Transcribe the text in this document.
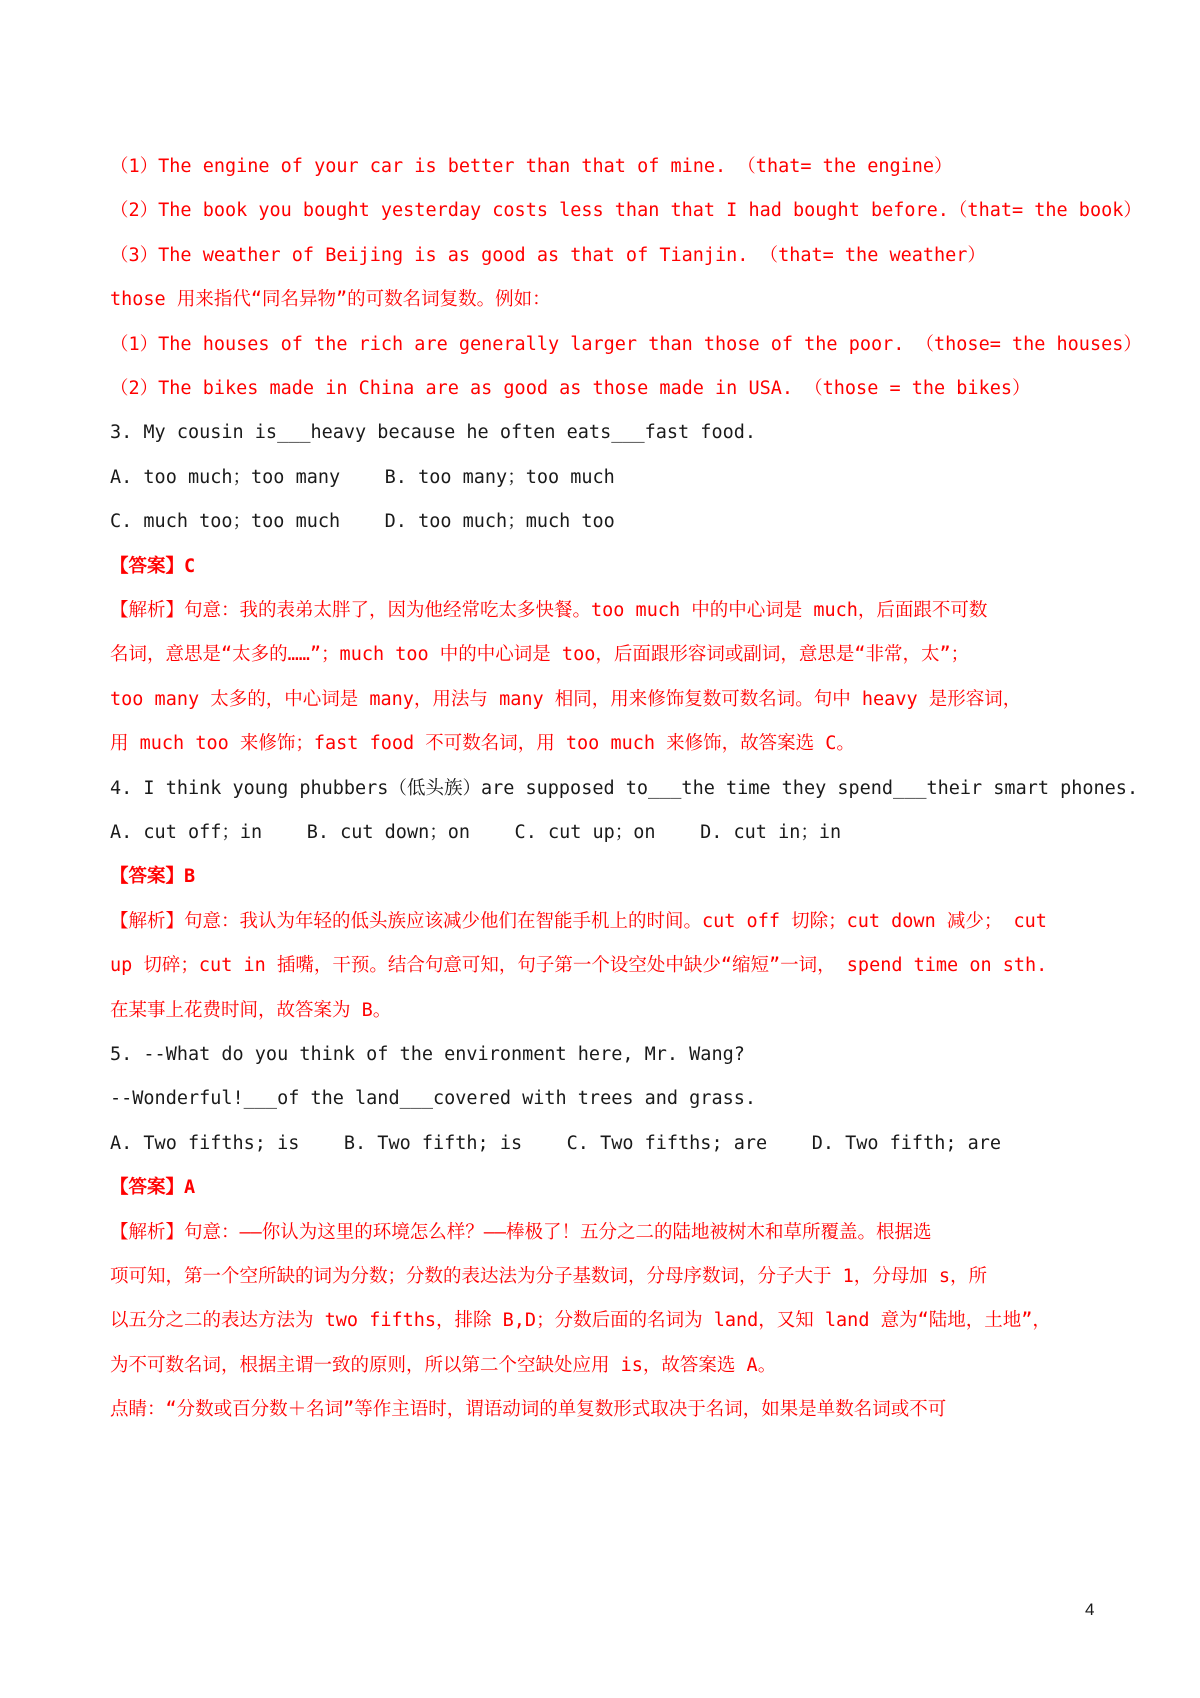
（1）The engine of your car is better than that of mine. （that= the engine）
（2）The book you bought yesterday costs less than that I had bought before.（that= the book）
（3）The weather of Beijing is as good as that of Tianjin. （that= the weather）
those 用来指代“同名异物”的可数名词复数。例如：
（1）The houses of the rich are generally larger than those of the poor. （those= the houses）
（2）The bikes made in China are as good as those made in USA. （those = the bikes）
3. My cousin is___heavy because he often eats___fast food.
A. too much；too many    B. too many；too much
C. much too；too much    D. too much；much too
【答案】C
【解析】句意：我的表弟太胖了，因为他经常吃太多快餐。too much 中的中心词是 much，后面跟不可数
名词，意思是“太多的……”；much too 中的中心词是 too，后面跟形容词或副词，意思是“非常，太”；
too many 太多的，中心词是 many，用法与 many 相同，用来修饰复数可数名词。句中 heavy 是形容词，
用 much too 来修饰；fast food 不可数名词，用 too much 来修饰，故答案选 C。
4. I think young phubbers（低头族）are supposed to___the time they spend___their smart phones.
A. cut off；in    B. cut down；on    C. cut up；on    D. cut in；in
【答案】B
【解析】句意：我认为年轻的低头族应该减少他们在智能手机上的时间。cut off 切除；cut down 减少； cut
up 切碎；cut in 插嘴，干预。结合句意可知，句子第一个设空处中缺少“缩短”一词， spend time on sth.
在某事上花费时间，故答案为 B。
5. --What do you think of the environment here, Mr. Wang?
--Wonderful!___of the land___covered with trees and grass.
A. Two fifths; is    B. Two fifth; is    C. Two fifths; are    D. Two fifth; are
【答案】A
【解析】句意：——你认为这里的环境怎么样？——棒极了！五分之二的陆地被树木和草所覆盖。根据选
项可知，第一个空所缺的词为分数；分数的表达法为分子基数词，分母序数词，分子大于 1，分母加 s，所
以五分之二的表达方法为 two fifths，排除 B,D；分数后面的名词为 land，又知 land 意为“陆地，土地”，
为不可数名词，根据主谓一致的原则，所以第二个空缺处应用 is，故答案选 A。
点睛：“分数或百分数＋名词”等作主语时，谓语动词的单复数形式取决于名词，如果是单数名词或不可
4
